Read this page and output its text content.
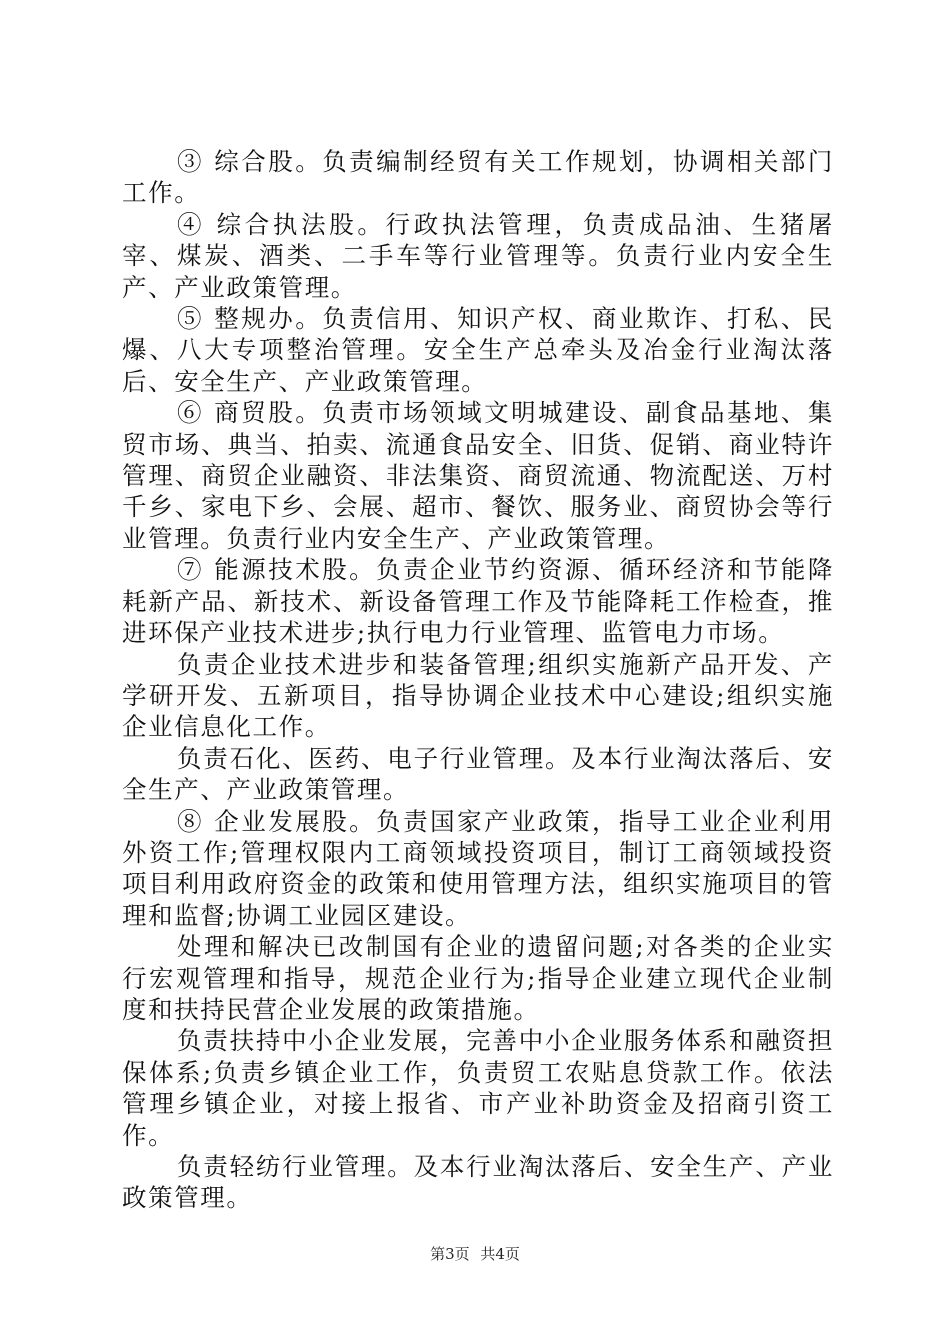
③ 综合股。负责编制经贸有关工作规划，协调相关部门工作。

④ 综合执法股。行政执法管理，负责成品油、生猪屠宰、煤炭、酒类、二手车等行业管理等。负责行业内安全生产、产业政策管理。

⑤ 整规办。负责信用、知识产权、商业欺诈、打私、民爆、八大专项整治管理。安全生产总牵头及冶金行业淘汰落后、安全生产、产业政策管理。

⑥ 商贸股。负责市场领域文明城建设、副食品基地、集贸市场、典当、拍卖、流通食品安全、旧货、促销、商业特许管理、商贸企业融资、非法集资、商贸流通、物流配送、万村千乡、家电下乡、会展、超市、餐饮、服务业、商贸协会等行业管理。负责行业内安全生产、产业政策管理。

⑦ 能源技术股。负责企业节约资源、循环经济和节能降耗新产品、新技术、新设备管理工作及节能降耗工作检查，推进环保产业技术进步;执行电力行业管理、监管电力市场。

负责企业技术进步和装备管理;组织实施新产品开发、产学研开发、五新项目，指导协调企业技术中心建设;组织实施企业信息化工作。

负责石化、医药、电子行业管理。及本行业淘汰落后、安全生产、产业政策管理。

⑧ 企业发展股。负责国家产业政策，指导工业企业利用外资工作;管理权限内工商领域投资项目，制订工商领域投资项目利用政府资金的政策和使用管理方法，组织实施项目的管理和监督;协调工业园区建设。

处理和解决已改制国有企业的遗留问题;对各类的企业实行宏观管理和指导，规范企业行为;指导企业建立现代企业制度和扶持民营企业发展的政策措施。

负责扶持中小企业发展，完善中小企业服务体系和融资担保体系;负责乡镇企业工作，负责贸工农贴息贷款工作。依法管理乡镇企业，对接上报省、市产业补助资金及招商引资工作。

负责轻纺行业管理。及本行业淘汰落后、安全生产、产业政策管理。

第3页 共4页
